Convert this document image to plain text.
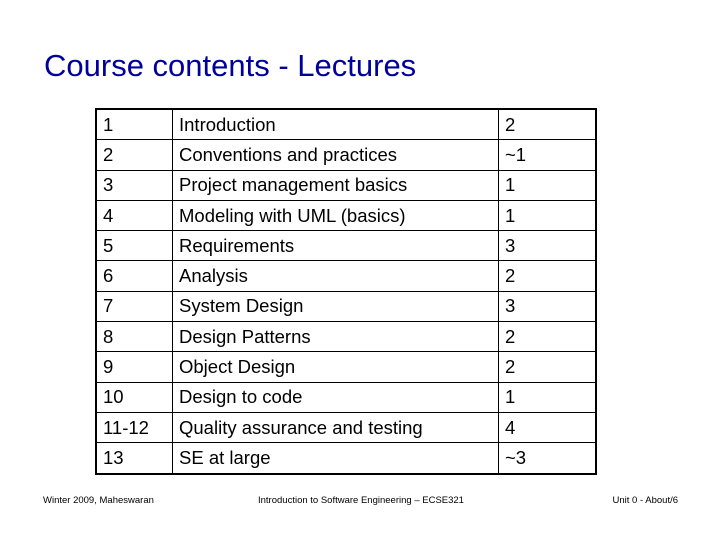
Course contents - Lectures
1	Introduction	2
2	Conventions and practices	~1
3	Project management basics	1
4	Modeling with UML (basics)	1
5	Requirements	3
6	Analysis	2
7	System Design	3
8	Design Patterns	2
9	Object Design	2
10	Design to code	1
11-12	Quality assurance and testing	4
13	SE at large	~3
Winter 2009, Maheswaran	Introduction to Software Engineering – ECSE321	Unit 0 - About/6
